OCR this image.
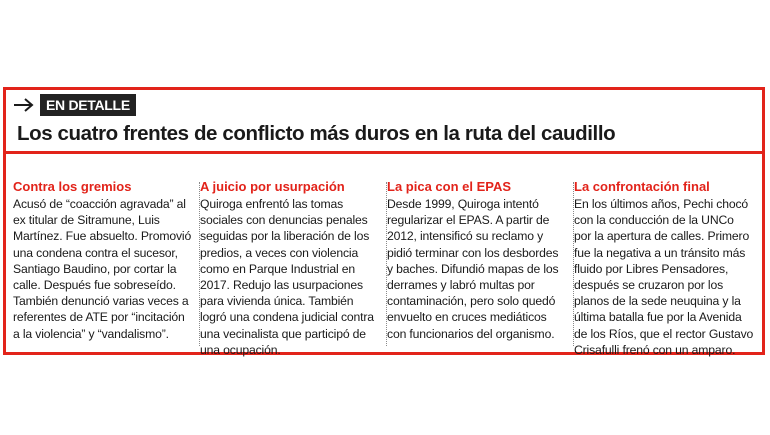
EN DETALLE
Los cuatro frentes de conflicto más duros en la ruta del caudillo
Contra los gremios

Acusó de “coacción agravada” al ex titular de Sitramune, Luis Martínez. Fue absuelto. Promovió una condena contra el sucesor, Santiago Baudino, por cortar la calle. Después fue sobreseído. También denunció varias veces a referentes de ATE por “incitación a la violencia” y “vandalismo”.

A juicio por usurpación

Quiroga enfrentó las tomas sociales con denuncias penales seguidas por la liberación de los predios, a veces con violencia como en Parque Industrial en 2017. Redujo las usurpaciones para vivienda única. También logró una condena judicial contra una vecinalista que participó de una ocupación.

La pica con el EPAS

Desde 1999, Quiroga intentó regularizar el EPAS. A partir de 2012, intensificó su reclamo y pidió terminar con los desbordes y baches. Difundió mapas de los derrames y labró multas por contaminación, pero solo quedó envuelto en cruces mediáticos con funcionarios del organismo.

La confrontación final

En los últimos años, Pechi chocó con la conducción de la UNCo por la apertura de calles. Primero fue la negativa a un tránsito más fluido por Libres Pensadores, después se cruzaron por los planos de la sede neuquina y la última batalla fue por la Avenida de los Ríos, que el rector Gustavo Crisafulli frenó con un amparo.
